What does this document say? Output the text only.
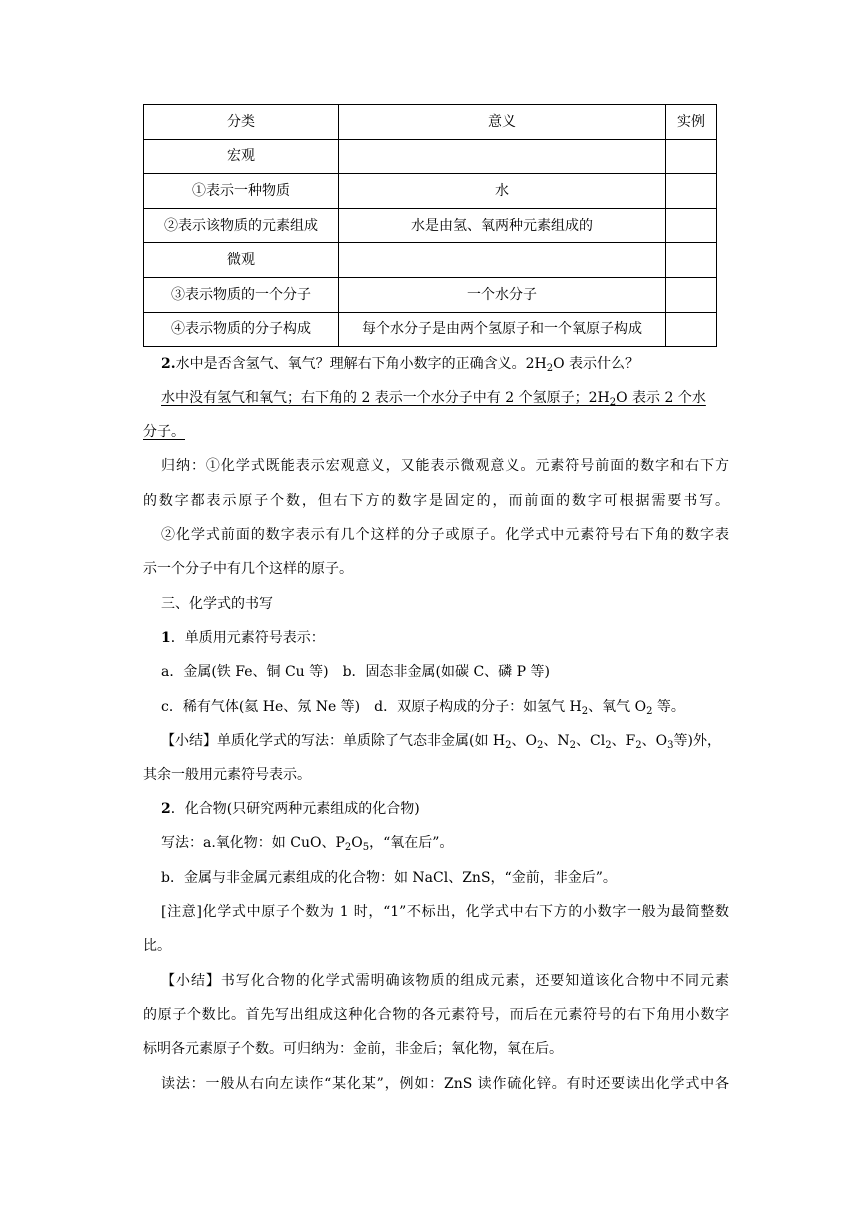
分类	意义	实例
宏观		
①表示一种物质	水	
②表示该物质的元素组成	水是由氢、氧两种元素组成的	
微观		
③表示物质的一个分子	一个水分子	
④表示物质的分子构成	每个水分子是由两个氢原子和一个氧原子构成	
2.水中是否含氢气、氧气？理解右下角小数字的正确含义。$2H_2O$ 表示什么？
水中没有氢气和氧气；右下角的 2 表示一个水分子中有 2 个氢原子；$2H_2O$ 表示 2 个水
分子。
归纳：①化学式既能表示宏观意义，又能表示微观意义。元素符号前面的数字和右下方
的数字都表示原子个数，但右下方的数字是固定的，而前面的数字可根据需要书写。
②化学式前面的数字表示有几个这样的分子或原子。化学式中元素符号右下角的数字表
示一个分子中有几个这样的原子。
三、化学式的书写
1．单质用元素符号表示：
a．金属(铁 Fe、铜 Cu 等)　b．固态非金属(如碳 C、磷 P 等)
c．稀有气体(氦 He、氖 Ne 等)　d．双原子构成的分子：如氢气 $H_2$、氧气 $O_2$ 等。
【小结】单质化学式的写法：单质除了气态非金属(如 $H_2$、$O_2$、$N_2$、$Cl_2$、$F_2$、$O_3$等)外，
其余一般用元素符号表示。
2．化合物(只研究两种元素组成的化合物)
写法：a.氧化物：如 CuO、$P_2O_5$，“氧在后”。
b．金属与非金属元素组成的化合物：如 NaCl、ZnS，“金前，非金后”。
[注意]化学式中原子个数为 1 时，“1”不标出，化学式中右下方的小数字一般为最简整数
比。
【小结】书写化合物的化学式需明确该物质的组成元素，还要知道该化合物中不同元素
的原子个数比。首先写出组成这种化合物的各元素符号，而后在元素符号的右下角用小数字
标明各元素原子个数。可归纳为：金前，非金后；氧化物，氧在后。
读法：一般从右向左读作“某化某”，例如：ZnS 读作硫化锌。有时还要读出化学式中各
